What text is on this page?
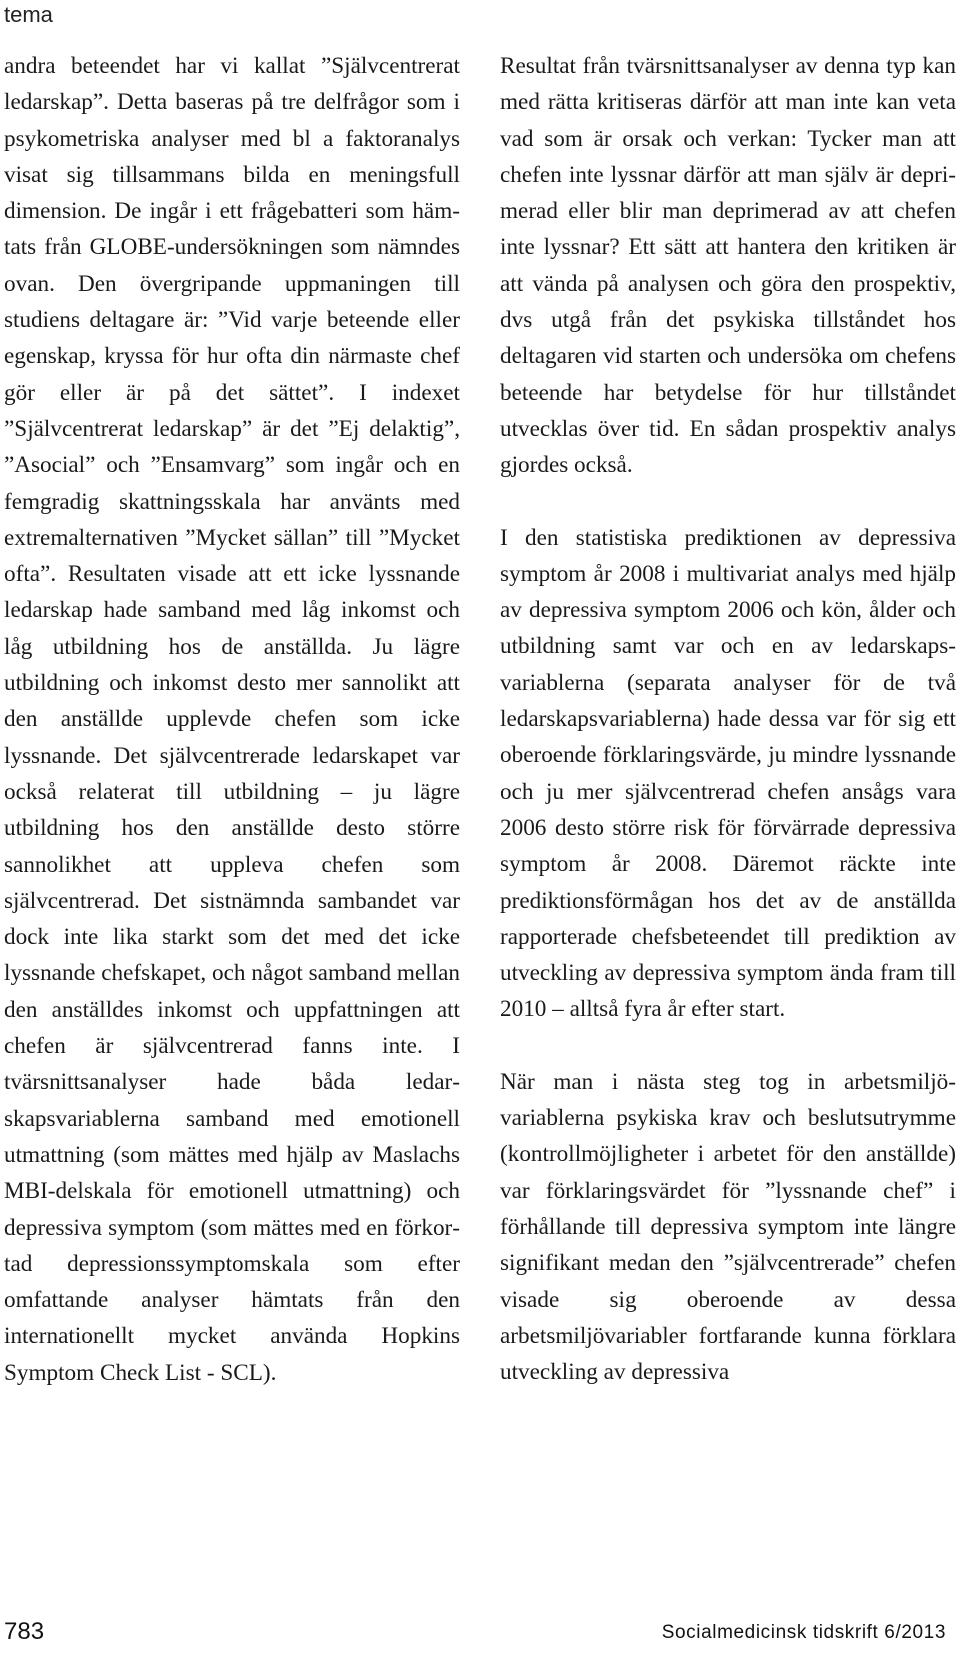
tema

andra beteendet har vi kallat ”Självcentrerat ledarskap”. Detta baseras på tre delfrågor som i psykometriska analyser med bl a faktoranalys visat sig tillsammans bilda en meningsfull dimension. De ingår i ett frågebatteri som hämtats från GLOBE-undersökningen som nämndes ovan. Den övergripande uppmaningen till studiens deltagare är: ”Vid varje beteende eller egenskap, kryssa för hur ofta din närmaste chef gör eller är på det sättet”. I indexet ”Självcentrerat ledarskap” är det ”Ej delaktig”, ”Asocial” och ”Ensamvarg” som ingår och en femgradig skattningsskala har använts med extremalternativen ”Mycket sällan” till ”Mycket ofta”. Resultaten visade att ett icke lyssnande ledarskap hade samband med låg inkomst och låg utbildning hos de anställda. Ju lägre utbildning och inkomst desto mer sannolikt att den anställde upplevde chefen som icke lyssnande. Det självcentrerade ledarskapet var också relaterat till utbildning – ju lägre utbildning hos den anställde desto större sannolikhet att uppleva chefen som självcentrerad. Det sistnämnda sambandet var dock inte lika starkt som det med det icke lyssnande chefskapet, och något samband mellan den anställdes inkomst och uppfattningen att chefen är självcentrerad fanns inte. I tvärsnittsanalyser hade båda ledarskapsvariablerna samband med emotionell utmattning (som mättes med hjälp av Maslachs MBI-delskala för emotionell utmattning) och depressiva symptom (som mättes med en förkortad depressionssymptomskala som efter omfattande analyser hämtats från den internationellt mycket använda Hopkins Symptom Check List - SCL).

Resultat från tvärsnittsanalyser av denna typ kan med rätta kritiseras därför att man inte kan veta vad som är orsak och verkan: Tycker man att chefen inte lyssnar därför att man själv är deprimerad eller blir man deprimerad av att chefen inte lyssnar? Ett sätt att hantera den kritiken är att vända på analysen och göra den prospektiv, dvs utgå från det psykiska tillståndet hos deltagaren vid starten och undersöka om chefens beteende har betydelse för hur tillståndet utvecklas över tid. En sådan prospektiv analys gjordes också.

I den statistiska prediktionen av depressiva symptom år 2008 i multivariat analys med hjälp av depressiva symptom 2006 och kön, ålder och utbildning samt var och en av ledarskapsvariablerna (separata analyser för de två ledarskapsvariablerna) hade dessa var för sig ett oberoende förklaringsvärde, ju mindre lyssnande och ju mer självcentrerad chefen ansågs vara 2006 desto större risk för förvärrade depressiva symptom år 2008. Däremot räckte inte prediktionsförmågan hos det av de anställda rapporterade chefsbeteendet till prediktion av utveckling av depressiva symptom ända fram till 2010 – alltså fyra år efter start.

När man i nästa steg tog in arbetsmiljövariablerna psykiska krav och beslutsutrymme (kontrollmöjligheter i arbetet för den anställde) var förklaringsvärdet för ”lyssnande chef” i förhållande till depressiva symptom inte längre signifikant medan den ”självcentrerade” chefen visade sig oberoende av dessa arbetsmiljövariabler fortfarande kunna förklara utveckling av depressiva

783	Socialmedicinsk tidskrift 6/2013
